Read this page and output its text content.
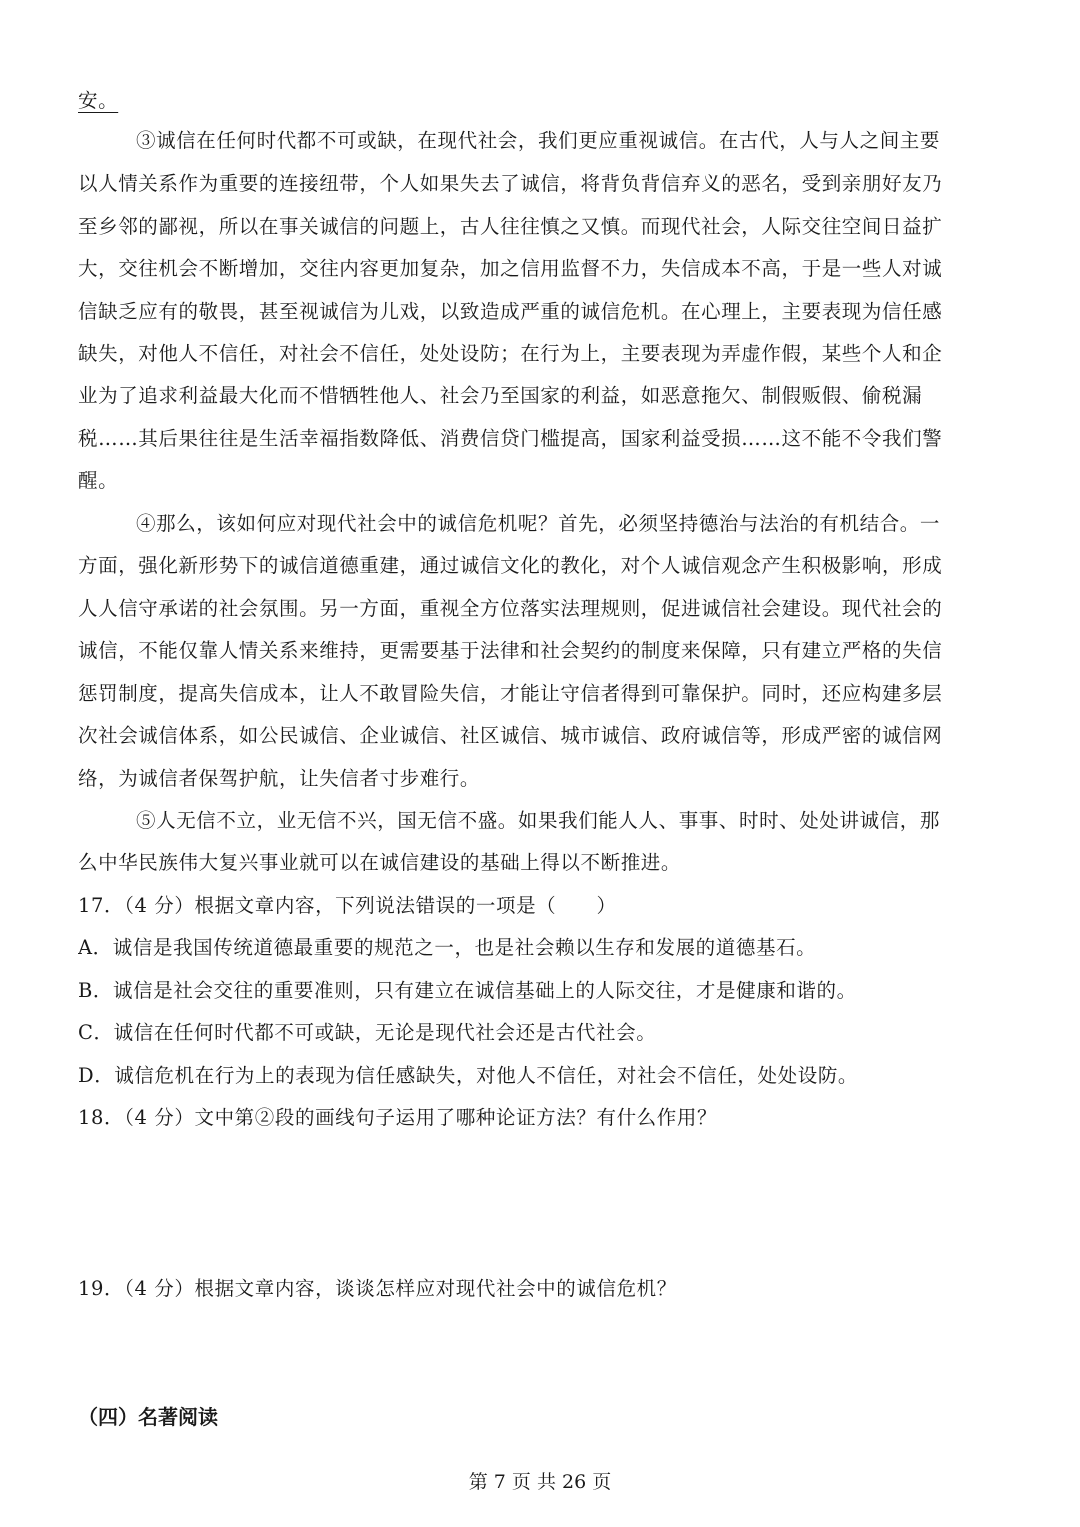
安。
③诚信在任何时代都不可或缺，在现代社会，我们更应重视诚信。在古代，人与人之间主要
以人情关系作为重要的连接纽带，个人如果失去了诚信，将背负背信弃义的恶名，受到亲朋好友乃
至乡邻的鄙视，所以在事关诚信的问题上，古人往往慎之又慎。而现代社会，人际交往空间日益扩
大，交往机会不断增加，交往内容更加复杂，加之信用监督不力，失信成本不高，于是一些人对诚
信缺乏应有的敬畏，甚至视诚信为儿戏，以致造成严重的诚信危机。在心理上，主要表现为信任感
缺失，对他人不信任，对社会不信任，处处设防；在行为上，主要表现为弄虚作假，某些个人和企
业为了追求利益最大化而不惜牺牲他人、社会乃至国家的利益，如恶意拖欠、制假贩假、偷税漏
税……其后果往往是生活幸福指数降低、消费信贷门槛提高，国家利益受损……这不能不令我们警
醒。
④那么，该如何应对现代社会中的诚信危机呢？首先，必须坚持德治与法治的有机结合。一
方面，强化新形势下的诚信道德重建，通过诚信文化的教化，对个人诚信观念产生积极影响，形成
人人信守承诺的社会氛围。另一方面，重视全方位落实法理规则，促进诚信社会建设。现代社会的
诚信，不能仅靠人情关系来维持，更需要基于法律和社会契约的制度来保障，只有建立严格的失信
惩罚制度，提高失信成本，让人不敢冒险失信，才能让守信者得到可靠保护。同时，还应构建多层
次社会诚信体系，如公民诚信、企业诚信、社区诚信、城市诚信、政府诚信等，形成严密的诚信网
络，为诚信者保驾护航，让失信者寸步难行。
⑤人无信不立，业无信不兴，国无信不盛。如果我们能人人、事事、时时、处处讲诚信，那
么中华民族伟大复兴事业就可以在诚信建设的基础上得以不断推进。
17．（4 分）根据文章内容，下列说法错误的一项是（　　）
A．诚信是我国传统道德最重要的规范之一，也是社会赖以生存和发展的道德基石。
B．诚信是社会交往的重要准则，只有建立在诚信基础上的人际交往，才是健康和谐的。
C．诚信在任何时代都不可或缺，无论是现代社会还是古代社会。
D．诚信危机在行为上的表现为信任感缺失，对他人不信任，对社会不信任，处处设防。
18．（4 分）文中第②段的画线句子运用了哪种论证方法？有什么作用？
19．（4 分）根据文章内容，谈谈怎样应对现代社会中的诚信危机？
（四）名著阅读
第 7 页 共 26 页
